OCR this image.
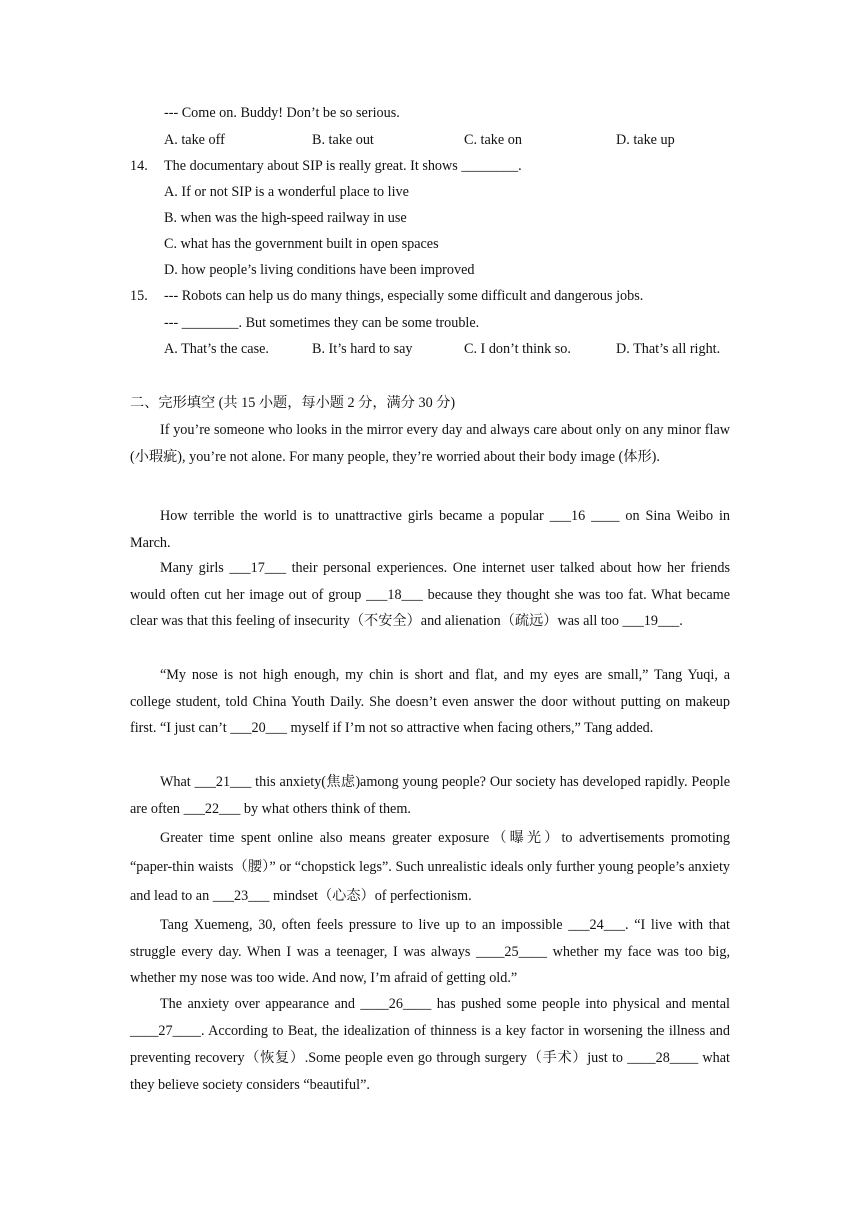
--- Come on. Buddy! Don’t be so serious.
A. take off	B. take out	C. take on	D. take up
14. The documentary about SIP is really great. It shows ________.
A. If or not SIP is a wonderful place to live
B. when was the high-speed railway in use
C. what has the government built in open spaces
D. how people’s living conditions have been improved
15. --- Robots can help us do many things, especially some difficult and dangerous jobs.
--- ________. But sometimes they can be some trouble.
A. That’s the case.	B. It’s hard to say	C. I don’t think so.	D. That’s all right.
二、完形填空 (共 15 小题，每小题 2 分，满分 30 分)
If you’re someone who looks in the mirror every day and always care about only on any minor flaw (小瑕疵), you’re not alone. For many people, they’re worried about their body image (体形).
How terrible the world is to unattractive girls became a popular ___16 ____ on Sina Weibo in March.
Many girls ___17___ their personal experiences. One internet user talked about how her friends would often cut her image out of group ___18___ because they thought she was too fat. What became clear was that this feeling of insecurity（不安全）and alienation（疏远）was all too ___19___.
“My nose is not high enough, my chin is short and flat, and my eyes are small,” Tang Yuqi, a college student, told China Youth Daily. She doesn’t even answer the door without putting on makeup first. “I just can’t ___20___ myself if I’m not so attractive when facing others,” Tang added.
What ___21___ this anxiety(焦虑)among young people? Our society has developed rapidly. People are often ___22___ by what others think of them.
Greater time spent online also means greater exposure（曝光）to advertisements promoting “paper-thin waists（腰）” or “chopstick legs”. Such unrealistic ideals only further young people’s anxiety and lead to an ___23___ mindset（心态）of perfectionism.
Tang Xuemeng, 30, often feels pressure to live up to an impossible ___24___. “I live with that struggle every day. When I was a teenager, I was always ____25____ whether my face was too big, whether my nose was too wide. And now, I’m afraid of getting old.”
The anxiety over appearance and ____26____ has pushed some people into physical and mental ____27____. According to Beat, the idealization of thinness is a key factor in worsening the illness and preventing recovery（恢复）.Some people even go through surgery（手术）just to ____28____ what they believe society considers “beautiful”.
